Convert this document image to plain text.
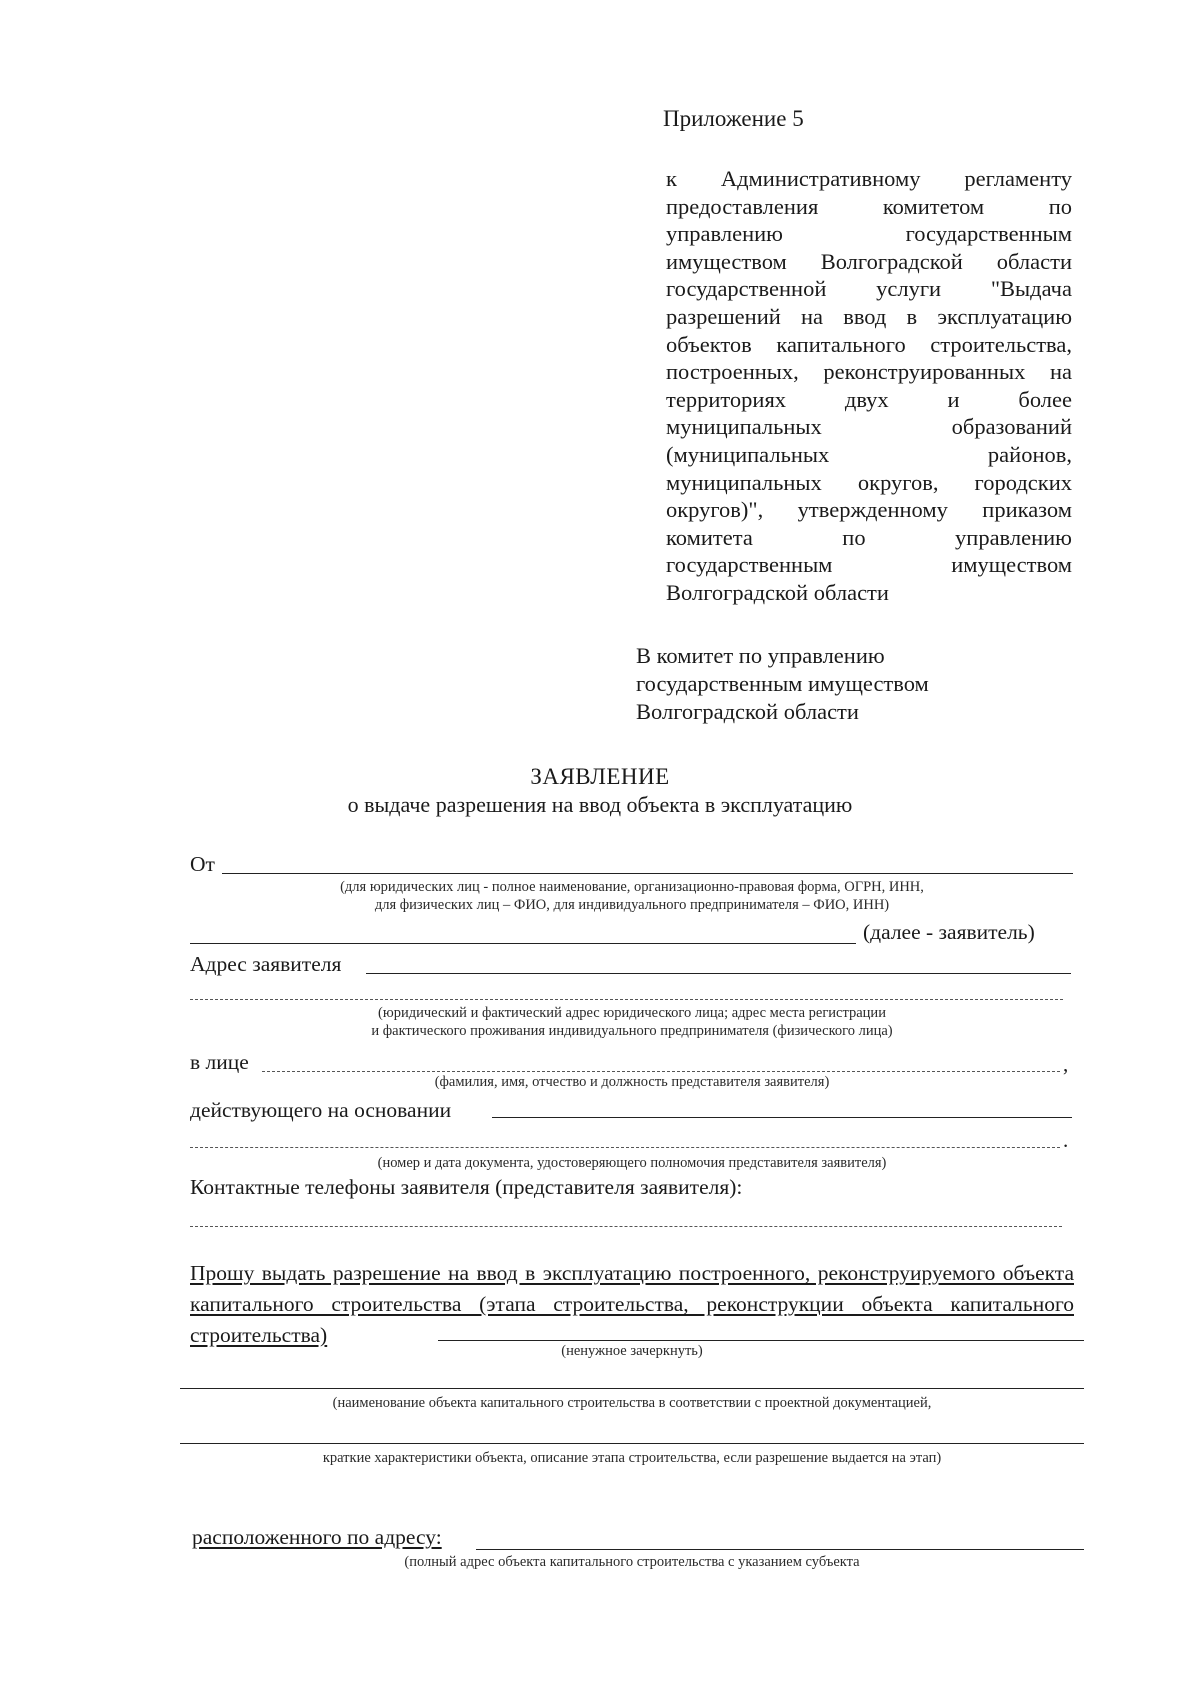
Приложение 5
к Административному регламенту предоставления комитетом по управлению государственным имуществом Волгоградской области государственной услуги "Выдача разрешений на ввод в эксплуатацию объектов капитального строительства, построенных, реконструированных на территориях двух и более муниципальных образований (муниципальных районов, муниципальных округов, городских округов)", утвержденному приказом комитета по управлению государственным имуществом Волгоградской области
В комитет по управлению
государственным имуществом
Волгоградской области
ЗАЯВЛЕНИЕ
о выдаче разрешения на ввод объекта в эксплуатацию
От
(для юридических лиц - полное наименование, организационно-правовая форма, ОГРН, ИНН,
для физических лиц – ФИО, для индивидуального предпринимателя – ФИО, ИНН)
(далее - заявитель)
Адрес заявителя
(юридический и фактический адрес юридического лица; адрес места регистрации
и фактического проживания индивидуального предпринимателя (физического лица)
в лице	,
(фамилия, имя, отчество и должность представителя заявителя)
действующего на основании
.
(номер и дата документа, удостоверяющего полномочия представителя заявителя)
Контактные телефоны заявителя (представителя заявителя):
Прошу выдать разрешение на ввод в эксплуатацию построенного, реконструируемого объекта капитального строительства (этапа строительства, реконструкции объекта капитального строительства)
(ненужное зачеркнуть)
(наименование объекта капитального строительства в соответствии с проектной документацией,
краткие характеристики объекта, описание этапа строительства, если разрешение выдается на этап)
расположенного по адресу:
(полный адрес объекта капитального строительства с указанием субъекта
